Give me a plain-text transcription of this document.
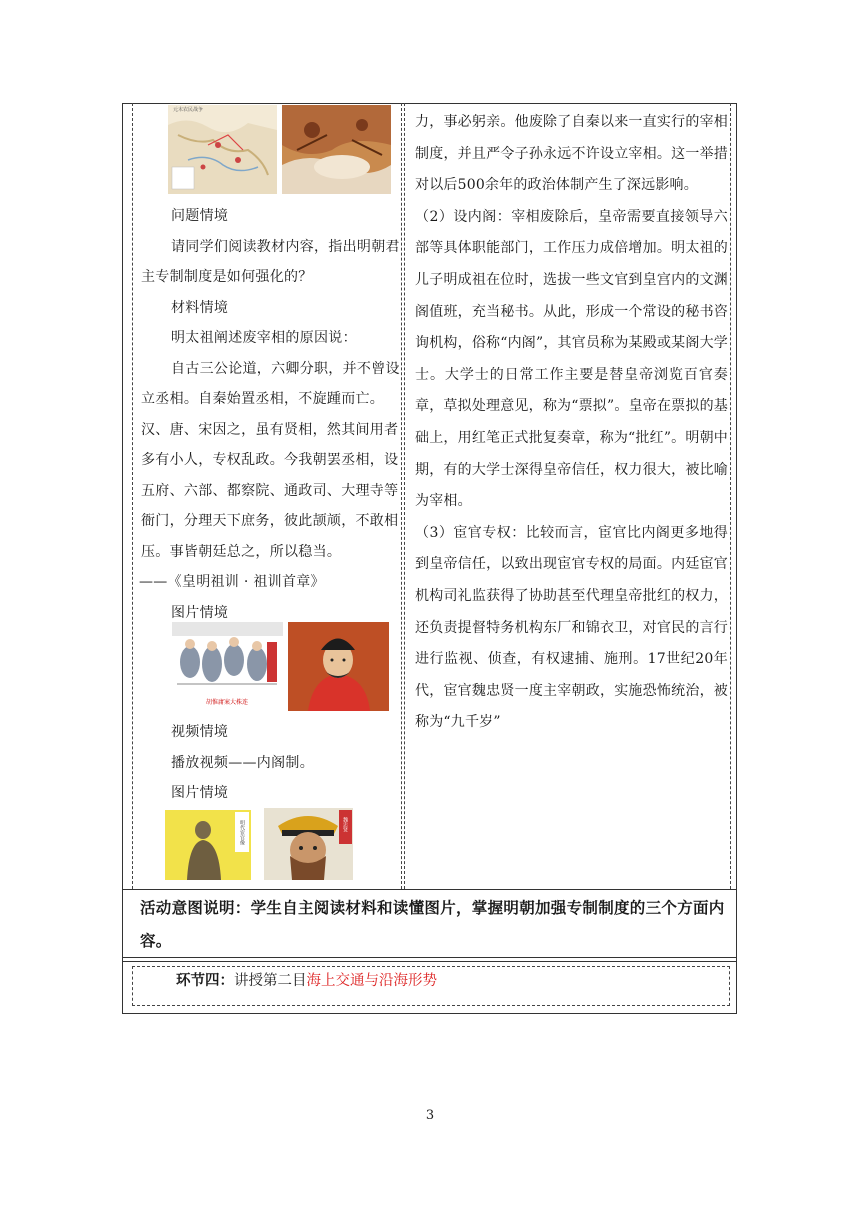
元末农民战争
问题情境
请同学们阅读教材内容，指出明朝君主专制制度是如何强化的？
材料情境
明太祖阐述废宰相的原因说：
自古三公论道，六卿分职，并不曾设立丞相。自秦始置丞相，不旋踵而亡。汉、唐、宋因之，虽有贤相，然其间用者多有小人，专权乱政。今我朝罢丞相，设五府、六部、都察院、通政司、大理寺等衙门，分理天下庶务，彼此颉颃，不敢相压。事皆朝廷总之，所以稳当。
——《皇明祖训 · 祖训首章》
图片情境
胡惟庸案大株连
视频情境
播放视频——内阁制。
图片情境
明代宦官像	魏忠贤

力，事必躬亲。他废除了自秦以来一直实行的宰相制度，并且严令子孙永远不许设立宰相。这一举措对以后500余年的政治体制产生了深远影响。

（2）设内阁：宰相废除后，皇帝需要直接领导六部等具体职能部门，工作压力成倍增加。明太祖的儿子明成祖在位时，选拔一些文官到皇宫内的文渊阁值班，充当秘书。从此，形成一个常设的秘书咨询机构，俗称“内阁”，其官员称为某殿或某阁大学士。大学士的日常工作主要是替皇帝浏览百官奏章，草拟处理意见，称为“票拟”。皇帝在票拟的基础上，用红笔正式批复奏章，称为“批红”。明朝中期，有的大学士深得皇帝信任，权力很大，被比喻为宰相。

（3）宦官专权：比较而言，宦官比内阁更多地得到皇帝信任，以致出现宦官专权的局面。内廷宦官机构司礼监获得了协助甚至代理皇帝批红的权力，还负责提督特务机构东厂和锦衣卫，对官民的言行进行监视、侦查，有权逮捕、施刑。17世纪20年代，宦官魏忠贤一度主宰朝政，实施恐怖统治，被称为“九千岁”

活动意图说明：学生自主阅读材料和读懂图片，掌握明朝加强专制制度的三个方面内容。
环节四：讲授第二目海上交通与沿海形势
3
